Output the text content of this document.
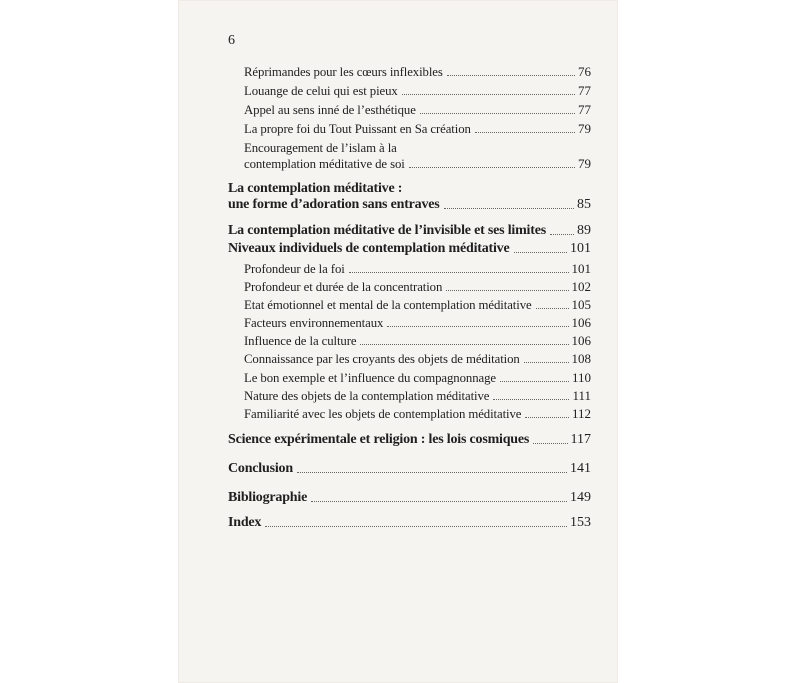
6
Réprimandes pour les cœurs inflexibles	76
Louange de celui qui est pieux	77
Appel au sens inné de l’esthétique	77
La propre foi du Tout Puissant en Sa création	79
Encouragement de l’islam à la
contemplation méditative de soi	79
La contemplation méditative :
une forme d’adoration sans entraves	85
La contemplation méditative de l’invisible et ses limites 89
Niveaux individuels de contemplation méditative	101
Profondeur de la foi	101
Profondeur et durée de la concentration	102
Etat émotionnel et mental de la contemplation méditative	105
Facteurs environnementaux	106
Influence de la culture	106
Connaissance par les croyants des objets de méditation	108
Le bon exemple et l’influence du compagnonnage	110
Nature des objets de la contemplation méditative	111
Familiarité avec les objets de contemplation méditative	112
Science expérimentale et religion : les lois cosmiques	117
Conclusion	141
Bibliographie	149
Index	153
